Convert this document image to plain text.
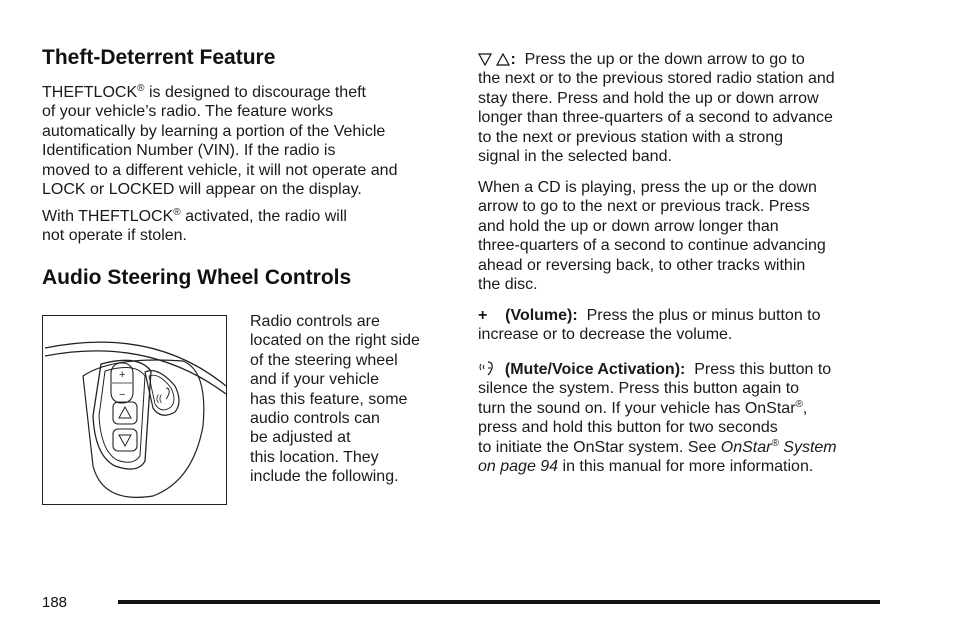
Theft-Deterrent Feature
THEFTLOCK® is designed to discourage theft
of your vehicle’s radio. The feature works
automatically by learning a portion of the Vehicle
Identification Number (VIN). If the radio is
moved to a different vehicle, it will not operate and
LOCK or LOCKED will appear on the display.
With THEFTLOCK® activated, the radio will
not operate if stolen.
Audio Steering Wheel Controls
Radio controls are
located on the right side
of the steering wheel
and if your vehicle
has this feature, some
audio controls can
be adjusted at
this location. They
include the following.
+
−	((
: Press the up or the down arrow to go to
the next or to the previous stored radio station and
stay there. Press and hold the up or down arrow
longer than three-quarters of a second to advance
to the next or previous station with a strong
signal in the selected band.
When a CD is playing, press the up or the down
arrow to go to the next or previous track. Press
and hold the up or down arrow longer than
three-quarters of a second to continue advancing
ahead or reversing back, to other tracks within
the disc.
+ (Volume): Press the plus or minus button to
increase or to decrease the volume.
(Mute/Voice Activation): Press this button to
silence the system. Press this button again to
turn the sound on. If your vehicle has OnStar®,
press and hold this button for two seconds
to initiate the OnStar system. See OnStar® System
on page 94 in this manual for more information.
188
